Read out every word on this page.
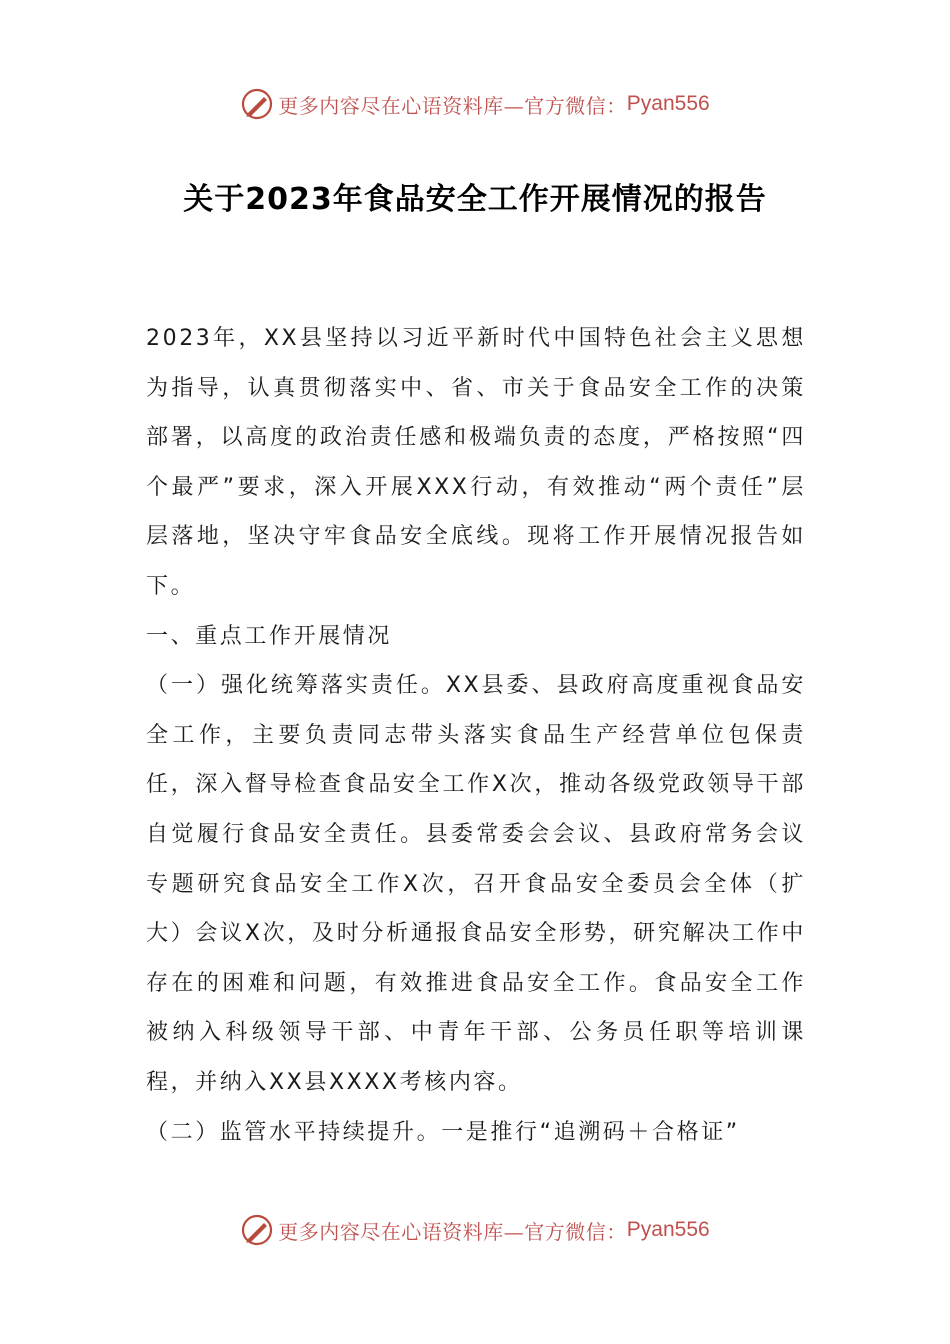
更多内容尽在心语资料库—官方微信： Pyan556
关于2023年食品安全工作开展情况的报告

2023年，XX县坚持以习近平新时代中国特色社会主义思想为指导，认真贯彻落实中、省、市关于食品安全工作的决策部署，以高度的政治责任感和极端负责的态度，严格按照“四个最严”要求，深入开展XXX行动，有效推动“两个责任”层层落地，坚决守牢食品安全底线。现将工作开展情况报告如下。

一、重点工作开展情况

（一）强化统筹落实责任。XX县委、县政府高度重视食品安全工作，主要负责同志带头落实食品生产经营单位包保责任，深入督导检查食品安全工作X次，推动各级党政领导干部自觉履行食品安全责任。县委常委会会议、县政府常务会议专题研究食品安全工作X次，召开食品安全委员会全体（扩大）会议X次，及时分析通报食品安全形势，研究解决工作中存在的困难和问题，有效推进食品安全工作。食品安全工作被纳入科级领导干部、中青年干部、公务员任职等培训课程，并纳入XX县XXXX考核内容。

（二）监管水平持续提升。一是推行“追溯码＋合格证”

更多内容尽在心语资料库—官方微信： Pyan556
